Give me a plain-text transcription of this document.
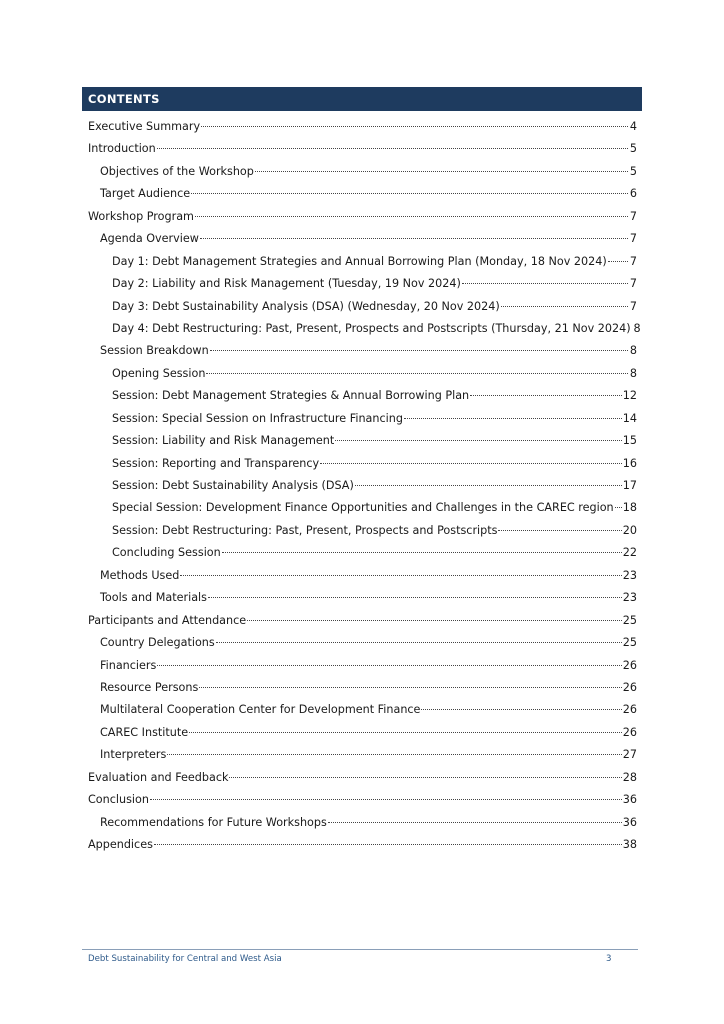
CONTENTS
Executive Summary	4
Introduction	5
Objectives of the Workshop	5
Target Audience	6
Workshop Program	7
Agenda Overview	7
Day 1: Debt Management Strategies and Annual Borrowing Plan (Monday, 18 Nov 2024) 7
Day 2: Liability and Risk Management (Tuesday, 19 Nov 2024)	7
Day 3: Debt Sustainability Analysis (DSA) (Wednesday, 20 Nov 2024)	7
Day 4: Debt Restructuring: Past, Present, Prospects and Postscripts (Thursday, 21 Nov 2024) 8
Session Breakdown	8
Opening Session	8
Session: Debt Management Strategies & Annual Borrowing Plan	12
Session: Special Session on Infrastructure Financing	14
Session: Liability and Risk Management	15
Session: Reporting and Transparency	16
Session: Debt Sustainability Analysis (DSA)	17
Special Session: Development Finance Opportunities and Challenges in the CAREC region 18
Session: Debt Restructuring: Past, Present, Prospects and Postscripts	20
Concluding Session	22
Methods Used	23
Tools and Materials	23
Participants and Attendance	25
Country Delegations	25
Financiers	26
Resource Persons	26
Multilateral Cooperation Center for Development Finance	26
CAREC Institute	26
Interpreters	27
Evaluation and Feedback	28
Conclusion	36
Recommendations for Future Workshops	36
Appendices	38
Debt Sustainability for Central and West Asia	3
